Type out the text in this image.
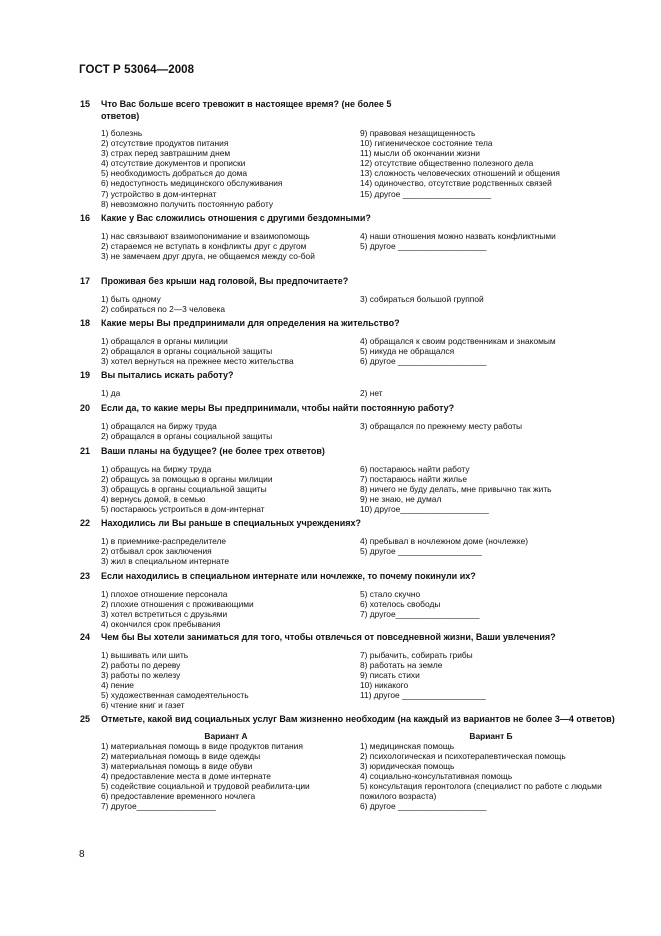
ГОСТ Р 53064—2008
15	Что Вас больше всего тревожит в настоящее время? (не более 5 ответов)
1) болезнь
2) отсутствие продуктов питания
3) страх перед завтрашним днем
4) отсутствие документов и прописки
5) необходимость добраться до дома
6) недоступность медицинского обслуживания
7) устройство в дом-интернат
8) невозможно получить постоянную работу
9) правовая незащищенность
10) гигиеническое состояние тела
11) мысли об окончании жизни
12) отсутствие общественно полезного дела
13) сложность человеческих отношений и общения
14) одиночество, отсутствие родственных связей
15) другое ___________________
16	Какие у Вас сложились отношения с другими бездомными?
1) нас связывают взаимопонимание и взаимопомощь
2) стараемся не вступать в конфликты друг с другом
3) не замечаем друг друга, не общаемся между со-бой
4) наши отношения можно назвать конфликтными
5) другое ___________________
17	Проживая без крыши над головой, Вы предпочитаете?
1) быть одному
2) собираться по 2—3 человека
3) собираться большой группой
18	Какие меры Вы предпринимали для определения на жительство?
1) обращался в органы милиции
2) обращался в органы социальной защиты
3) хотел вернуться на прежнее место жительства
4) обращался к своим родственникам и знакомым
5) никуда не обращался
6) другое ___________________
19	Вы пытались искать работу?
1) да	2) нет
20	Если да, то какие меры Вы предпринимали, чтобы найти постоянную работу?
1) обращался на биржу труда
2) обращался в органы социальной защиты
3) обращался по прежнему месту работы
21	Ваши планы на будущее? (не более трех ответов)
1) обращусь на биржу труда
2) обращусь за помощью в органы милиции
3) обращусь в органы социальной защиты
4) вернусь домой, в семью
5) постараюсь устроиться в дом-интернат
6) постараюсь найти работу
7) постараюсь найти жилье
8) ничего не буду делать, мне привычно так жить
9) не знаю, не думал
10) другое___________________
22	Находились ли Вы раньше в специальных учреждениях?
1) в приемнике-распределителе
2) отбывал срок заключения
3) жил в специальном интернате
4) пребывал в ночлежном доме (ночлежке)
5) другое __________________
23	Если находились в специальном интернате или ночлежке, то почему покинули их?
1) плохое отношение персонала
2) плохие отношения с проживающими
3) хотел встретиться с друзьями
4) окончился срок пребывания
5) стало скучно
6) хотелось свободы
7) другое__________________
24	Чем бы Вы хотели заниматься для того, чтобы отвлечься от повседневной жизни, Ваши увлечения?
1) вышивать или шить
2) работы по дереву
3) работы по железу
4) пение
5) художественная самодеятельность
6) чтение книг и газет
7) рыбачить, собирать грибы
8) работать на земле
9) писать стихи
10) никакого
11) другое __________________
25	Отметьте, какой вид социальных услуг Вам жизненно необходим (на каждый из вариантов не более 3—4 ответов)
Вариант А
1) материальная помощь в виде продуктов питания
2) материальная помощь в виде одежды
3) материальная помощь в виде обуви
4) предоставление места в доме интернате
5) содействие социальной и трудовой реабилита-ции
6) предоставление временного ночлега
7) другое_________________
Вариант Б
1) медицинская помощь
2) психологическая и психотерапевтическая помощь
3) юридическая помощь
4) социально-консультативная помощь
5) консультация геронтолога (специалист по работе с людьми пожилого возраста)
6) другое ___________________
8
